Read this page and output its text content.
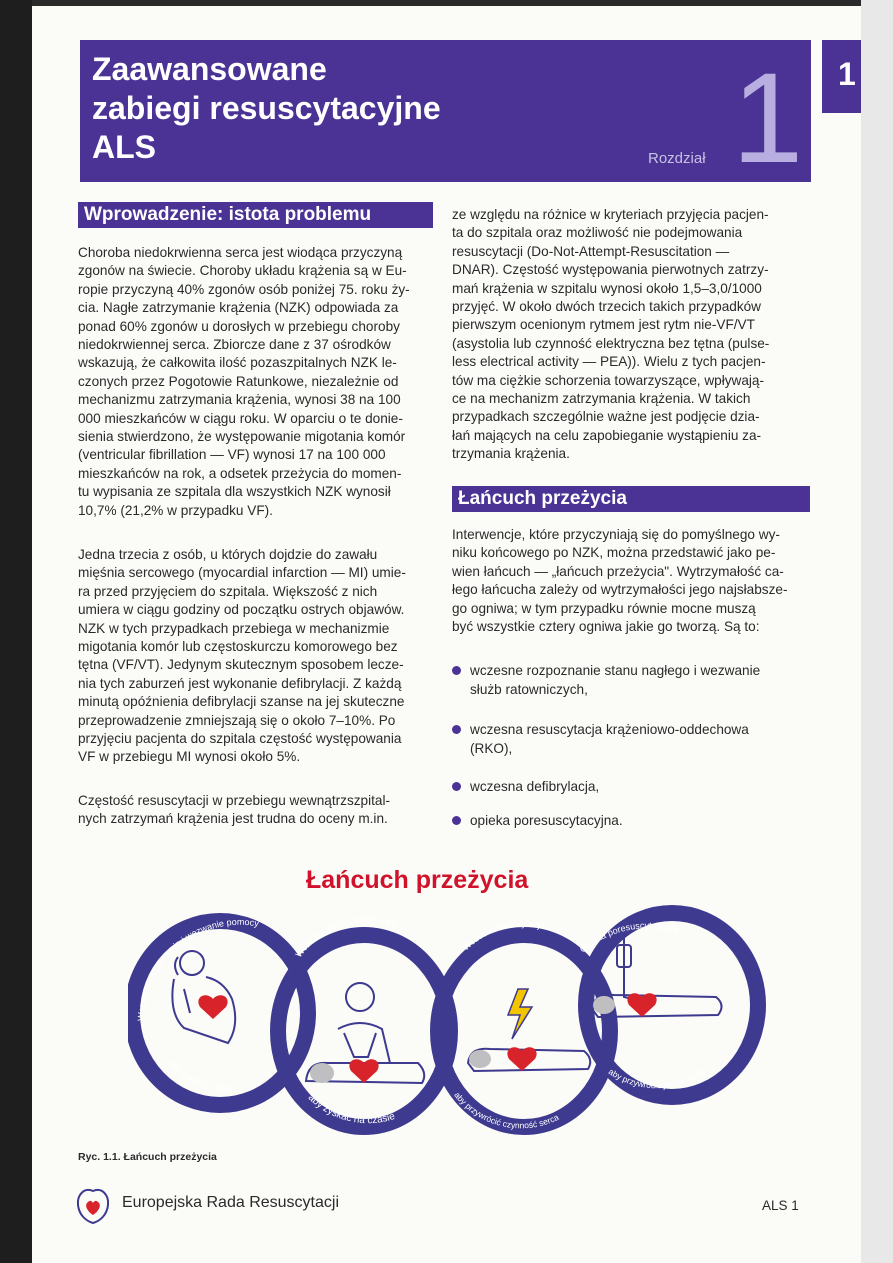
Zaawansowane
zabiegi resuscytacyjne
ALS	Rozdział 1	1
Wprowadzenie: istota problemu
Choroba niedokrwienna serca jest wiodąca przyczyną
zgonów na świecie. Choroby układu krążenia są w Eu-
ropie przyczyną 40% zgonów osób poniżej 75. roku ży-
cia. Nagłe zatrzymanie krążenia (NZK) odpowiada za
ponad 60% zgonów u dorosłych w przebiegu choroby
niedokrwiennej serca. Zbiorcze dane z 37 ośrodków
wskazują, że całkowita ilość pozaszpitalnych NZK le-
czonych przez Pogotowie Ratunkowe, niezależnie od
mechanizmu zatrzymania krążenia, wynosi 38 na 100
000 mieszkańców w ciągu roku. W oparciu o te donie-
sienia stwierdzono, że występowanie migotania komór
(ventricular fibrillation — VF) wynosi 17 na 100 000
mieszkańców na rok, a odsetek przeżycia do momen-
tu wypisania ze szpitala dla wszystkich NZK wynosił
10,7% (21,2% w przypadku VF).
Jedna trzecia z osób, u których dojdzie do zawału
mięśnia sercowego (myocardial infarction — MI) umie-
ra przed przyjęciem do szpitala. Większość z nich
umiera w ciągu godziny od początku ostrych objawów.
NZK w tych przypadkach przebiega w mechanizmie
migotania komór lub częstoskurczu komorowego bez
tętna (VF/VT). Jedynym skutecznym sposobem lecze-
nia tych zaburzeń jest wykonanie defibrylacji. Z każdą
minutą opóźnienia defibrylacji szanse na jej skuteczne
przeprowadzenie zmniejszają się o około 7–10%. Po
przyjęciu pacjenta do szpitala częstość występowania
VF w przebiegu MI wynosi około 5%.
Częstość resuscytacji w przebiegu wewnątrzszpital-
nych zatrzymań krążenia jest trudna do oceny m.in.
ze względu na różnice w kryteriach przyjęcia pacjen-
ta do szpitala oraz możliwość nie podejmowania
resuscytacji (Do-Not-Attempt-Resuscitation —
DNAR). Częstość występowania pierwotnych zatrzy-
mań krążenia w szpitalu wynosi około 1,5–3,0/1000
przyjęć. W około dwóch trzecich takich przypadków
pierwszym ocenionym rytmem jest rytm nie-VF/VT
(asystolia lub czynność elektryczna bez tętna (pulse-
less electrical activity — PEA)). Wielu z tych pacjen-
tów ma ciężkie schorzenia towarzyszące, wpływają-
ce na mechanizm zatrzymania krążenia. W takich
przypadkach szczególnie ważne jest podjęcie dzia-
łań mających na celu zapobieganie wystąpieniu za-
trzymania krążenia.
Łańcuch przeżycia
Interwencje, które przyczyniają się do pomyślnego wy-
niku końcowego po NZK, można przedstawić jako pe-
wien łańcuch — „łańcuch przeżycia". Wytrzymałość ca-
łego łańcucha zależy od wytrzymałości jego najsłabsze-
go ogniwa; w tym przypadku równie mocne muszą
być wszystkie cztery ogniwa jakie go tworzą. Są to:
wczesne rozpoznanie stanu nagłego i wezwanie
służb ratowniczych,
wczesna resuscytacja krążeniowo-oddechowa
(RKO),
wczesna defibrylacja,
opieka poresuscytacyjna.
Łańcuch przeżycia
Wczesne rozpoznanie i wezwanie pomocy
aby zapobiec NZK
Wczesne rozpoczęcie RKO
aby zyskać na czasie
Wczesna defibrylacja
aby przywrócić czynność serca
Opieka poresuscytacyjna
aby przywrócić jakość życia
Ryc. 1.1. Łańcuch przeżycia
Europejska Rada Resuscytacji	ALS 1
